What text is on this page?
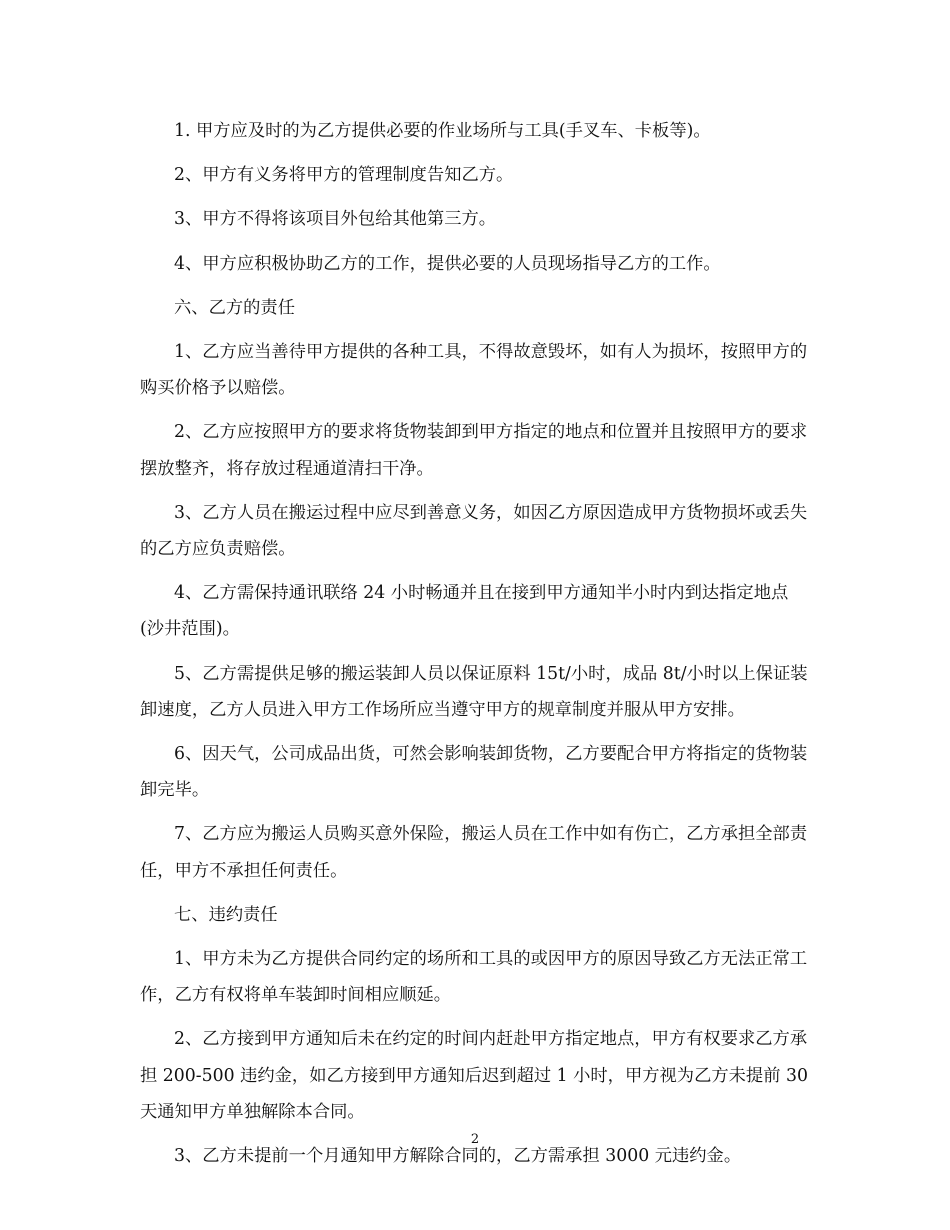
1. 甲方应及时的为乙方提供必要的作业场所与工具(手叉车、卡板等)。

2、甲方有义务将甲方的管理制度告知乙方。

3、甲方不得将该项目外包给其他第三方。

4、甲方应积极协助乙方的工作，提供必要的人员现场指导乙方的工作。

六、乙方的责任

1、乙方应当善待甲方提供的各种工具，不得故意毁坏，如有人为损坏，按照甲方的购买价格予以赔偿。

2、乙方应按照甲方的要求将货物装卸到甲方指定的地点和位置并且按照甲方的要求摆放整齐，将存放过程通道清扫干净。

3、乙方人员在搬运过程中应尽到善意义务，如因乙方原因造成甲方货物损坏或丢失的乙方应负责赔偿。

4、乙方需保持通讯联络 24 小时畅通并且在接到甲方通知半小时内到达指定地点(沙井范围)。

5、乙方需提供足够的搬运装卸人员以保证原料 15t/小时，成品 8t/小时以上保证装卸速度，乙方人员进入甲方工作场所应当遵守甲方的规章制度并服从甲方安排。

6、因天气，公司成品出货，可然会影响装卸货物，乙方要配合甲方将指定的货物装卸完毕。

7、乙方应为搬运人员购买意外保险，搬运人员在工作中如有伤亡，乙方承担全部责任，甲方不承担任何责任。

七、违约责任

1、甲方未为乙方提供合同约定的场所和工具的或因甲方的原因导致乙方无法正常工作，乙方有权将单车装卸时间相应顺延。

2、乙方接到甲方通知后未在约定的时间内赶赴甲方指定地点，甲方有权要求乙方承担 200-500 违约金，如乙方接到甲方通知后迟到超过 1 小时，甲方视为乙方未提前 30 天通知甲方单独解除本合同。

3、乙方未提前一个月通知甲方解除合同的，乙方需承担 3000 元违约金。

2
